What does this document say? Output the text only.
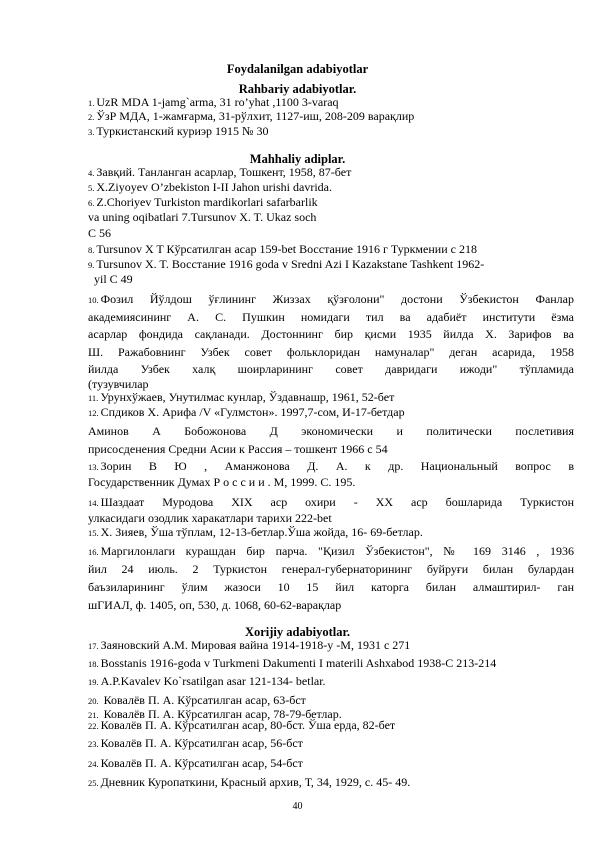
Foydalanilgan adabiyotlar
Rahbariy adabiyotlar.
1. UzR MDA 1-jamg`arma, 31 ro’yhat ,1100 3-varaq
2. ЎзР МДА, 1-жамғарма, 31-рўлхит, 1127-иш, 208-209 варақлир
3. Туркистанский куриэр 1915 № 30
Mahhaliy adiplar.
4. Завқий. Танланган асарлар, Тошкент, 1958, 87-бет
5. X.Ziyoyev O’zbekiston I-II Jahon urishi davrida.
6. Z.Choriyev Turkiston mardikorlari safarbarlik
va uning oqibatlari 7.Tursunov X. T. Ukaz soch
С 56
8. Tursunov X T Кўрсатилган асар 159-bet Восстание 1916 г Туркмении с 218
9. Tursunov X. T. Восстание 1916 goda v Sredni Azi I Kazakstane Tashkent 1962-
yil С 49
10. Фозил Йўлдош ўғлининг Жиззах қўзғолони" достони Ўзбекистон Фанлар
академиясининг А. С. Пушкин номидаги тил ва адабиёт институти ёзма
асарлар фондида сақланади. Достоннинг бир қисми 1935 йилда Х. Зарифов ва
Ш. Ражабовнинг Узбек совет фольклоридан намуналар" деган асарида, 1958
йилда Узбек халқ шоирларининг совет давридаги ижоди" тўпламида
(тузувчилар
11. Урунхўжаев, Унутилмас кунлар, Ўздавнашр, 1961, 52-бет
12. Спдиков Х. Арифа /V «Гулмстон». 1997,7-сом, И-17-бетдар
Аминов А Бобожонова Д экономически и политически послетивия
присосденения Средни Асии к Рассия – тошкент 1966 с 54
13. Зорин В Ю , Аманжонова Д. А. к др. Национальный вопрос в
Государственник Думах Р о с с и и . М, 1999. С. 195.
14. Шаздаат Муродова XIX аср охири - XX аср бошларида Туркистон
улкасидаги озодлик харакатлари тарихи 222-bet
15. Х. Зияев, Ўша тўплам, 12-13-бетлар.Ўша жойда, 16- 69-бетлар.
16. Маргилонлаги курашдан бир парча. "Қизил Ўзбекистон", № 169 3146 , 1936
йил 24 июль. 2 Туркистон генерал-губернаторининг буйруғи билан булардан
баъзиларининг ўлим жазоси 10 15 йил каторга билан алмаштирил- ган
шГИАЛ, ф. 1405, оп, 530, д. 1068, 60-62-варақлар
Xorijiy adabiyotlar.
17. Заяновский А.М. Мировая вайна 1914-1918-у -М, 1931 с 271
18. Bosstanis 1916-goda v Turkmeni Dakumenti I materili Ashxabod 1938-С 213-214
19. A.P.Kavalev Ko`rsatilgan asar 121-134- betlar.
20. Ковалёв П. А. Кўрсатилган асар, 63-бст
21. Ковалёв П. А. Кўрсатилган асар, 78-79-бетлар.
22. Ковалёв П. А. Кўрсатилган асар, 80-бст. Ўша ерда, 82-бет
23. Ковалёв П. А. Кўрсатилган асар, 56-бст
24. Ковалёв П. А. Кўрсатилган асар, 54-бст
25. Дневник Куропаткини, Красный архив, Т, 34, 1929, с. 45- 49.
40
